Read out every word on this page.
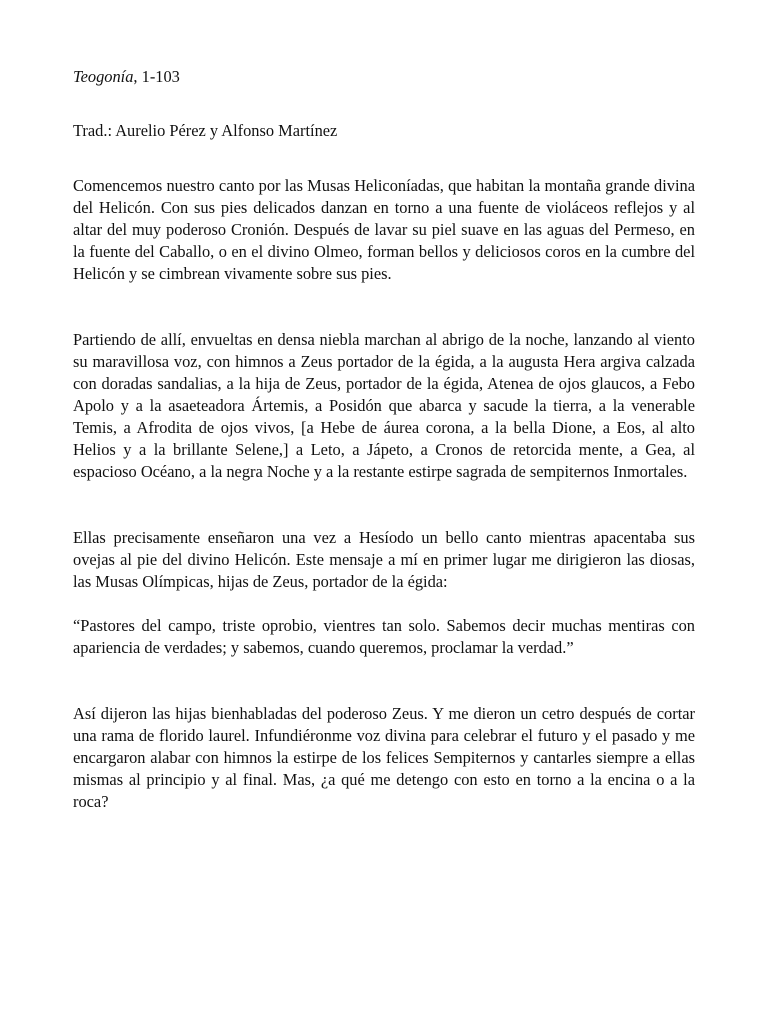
Teogonía, 1-103

Trad.: Aurelio Pérez y Alfonso Martínez

Comencemos nuestro canto por las Musas Heliconíadas, que habitan la montaña grande divina del Helicón. Con sus pies delicados danzan en torno a una fuente de violáceos reflejos y al altar del muy poderoso Cronión. Después de lavar su piel suave en las aguas del Permeso, en la fuente del Caballo, o en el divino Olmeo, forman bellos y deliciosos coros en la cumbre del Helicón y se cimbrean vivamente sobre sus pies.

Partiendo de allí, envueltas en densa niebla marchan al abrigo de la noche, lanzando al viento su maravillosa voz, con himnos a Zeus portador de la égida, a la augusta Hera argiva calzada con doradas sandalias, a la hija de Zeus, portador de la égida, Atenea de ojos glaucos, a Febo Apolo y a la asaeteadora Ártemis, a Posidón que abarca y sacude la tierra, a la venerable Temis, a Afrodita de ojos vivos, [a Hebe de áurea corona, a la bella Dione, a Eos, al alto Helios y a la brillante Selene,] a Leto, a Jápeto, a Cronos de retorcida mente, a Gea, al espacioso Océano, a la negra Noche y a la restante estirpe sagrada de sempiternos Inmortales.

Ellas precisamente enseñaron una vez a Hesíodo un bello canto mientras apacentaba sus ovejas al pie del divino Helicón. Este mensaje a mí en primer lugar me dirigieron las diosas, las Musas Olímpicas, hijas de Zeus, portador de la égida:

“Pastores del campo, triste oprobio, vientres tan solo. Sabemos decir muchas mentiras con apariencia de verdades; y sabemos, cuando queremos, proclamar la verdad.”

Así dijeron las hijas bienhabladas del poderoso Zeus. Y me dieron un cetro después de cortar una rama de florido laurel. Infundiéronme voz divina para celebrar el futuro y el pasado y me encargaron alabar con himnos la estirpe de los felices Sempiternos y cantarles siempre a ellas mismas al principio y al final. Mas, ¿a qué me detengo con esto en torno a la encina o a la roca?
